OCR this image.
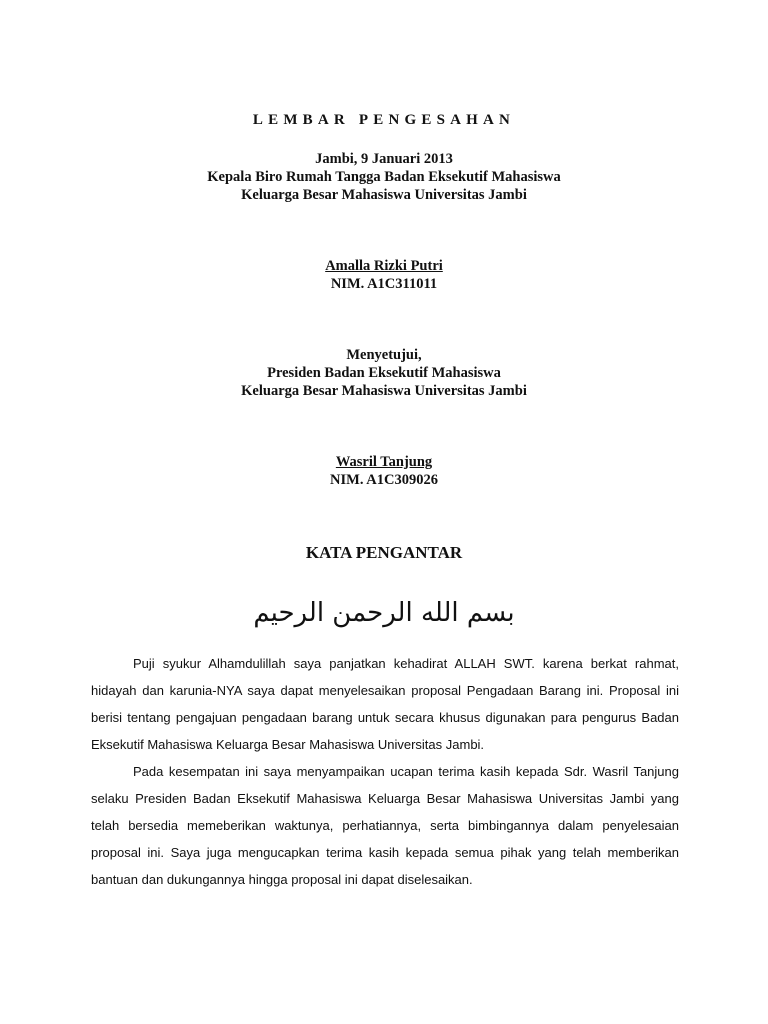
LEMBAR PENGESAHAN
Jambi, 9 Januari 2013
Kepala Biro Rumah Tangga Badan Eksekutif Mahasiswa
Keluarga Besar Mahasiswa Universitas Jambi
Amalla Rizki Putri
NIM. A1C311011
Menyetujui,
Presiden Badan Eksekutif Mahasiswa
Keluarga Besar Mahasiswa Universitas Jambi
Wasril Tanjung
NIM. A1C309026
KATA PENGANTAR
بسم الله الرحمن الرحيم

Puji syukur Alhamdulillah saya panjatkan kehadirat ALLAH SWT. karena berkat rahmat, hidayah dan karunia-NYA saya dapat menyelesaikan proposal Pengadaan Barang ini. Proposal ini berisi tentang pengajuan pengadaan barang untuk secara khusus digunakan para pengurus Badan Eksekutif Mahasiswa Keluarga Besar Mahasiswa Universitas Jambi.

Pada kesempatan ini saya menyampaikan ucapan terima kasih kepada Sdr. Wasril Tanjung selaku Presiden Badan Eksekutif Mahasiswa Keluarga Besar Mahasiswa Universitas Jambi yang telah bersedia memeberikan waktunya, perhatiannya, serta bimbingannya dalam penyelesaian proposal ini. Saya juga mengucapkan terima kasih kepada semua pihak yang telah memberikan bantuan dan dukungannya hingga proposal ini dapat diselesaikan.
